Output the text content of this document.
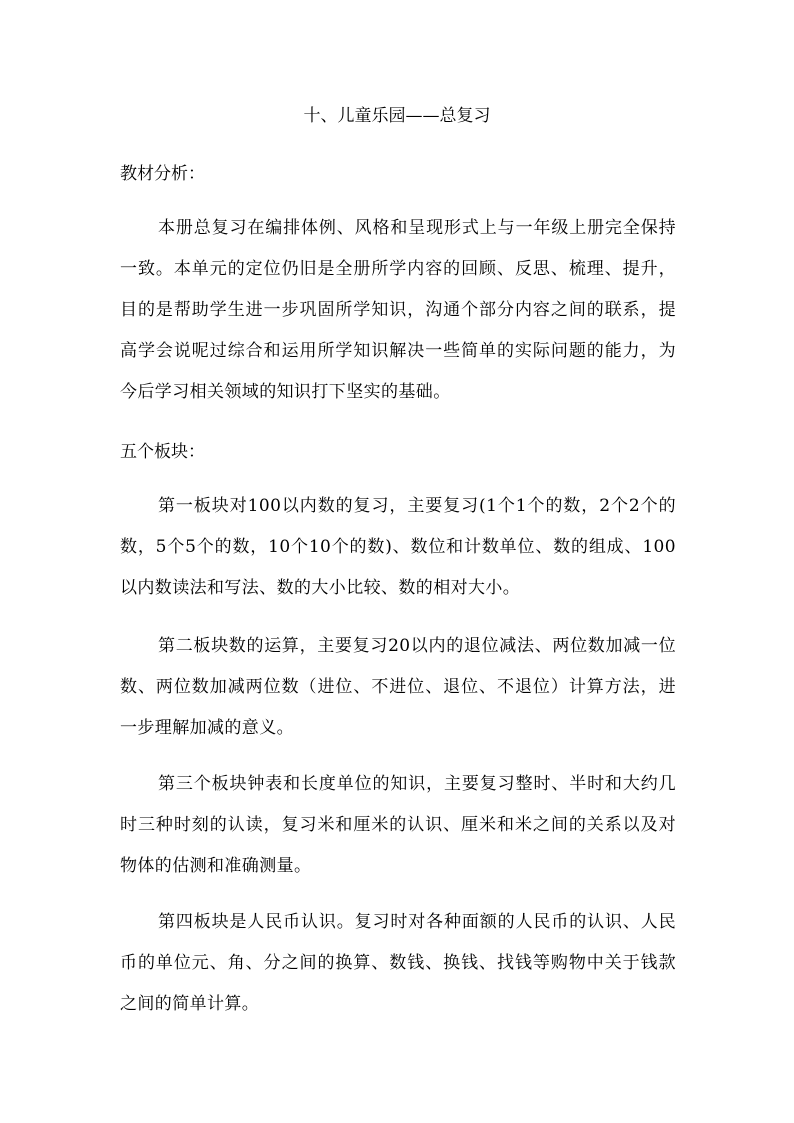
十、儿童乐园——总复习
教材分析：
本册总复习在编排体例、风格和呈现形式上与一年级上册完全保持一致。本单元的定位仍旧是全册所学内容的回顾、反思、梳理、提升，目的是帮助学生进一步巩固所学知识，沟通个部分内容之间的联系，提高学会说呢过综合和运用所学知识解决一些简单的实际问题的能力，为今后学习相关领域的知识打下坚实的基础。
五个板块：
第一板块对100以内数的复习，主要复习(1个1个的数，2个2个的数，5个5个的数，10个10个的数)、数位和计数单位、数的组成、100以内数读法和写法、数的大小比较、数的相对大小。
第二板块数的运算，主要复习20以内的退位减法、两位数加减一位数、两位数加减两位数（进位、不进位、退位、不退位）计算方法，进一步理解加减的意义。
第三个板块钟表和长度单位的知识，主要复习整时、半时和大约几时三种时刻的认读，复习米和厘米的认识、厘米和米之间的关系以及对物体的估测和准确测量。
第四板块是人民币认识。复习时对各种面额的人民币的认识、人民币的单位元、角、分之间的换算、数钱、换钱、找钱等购物中关于钱款之间的简单计算。
